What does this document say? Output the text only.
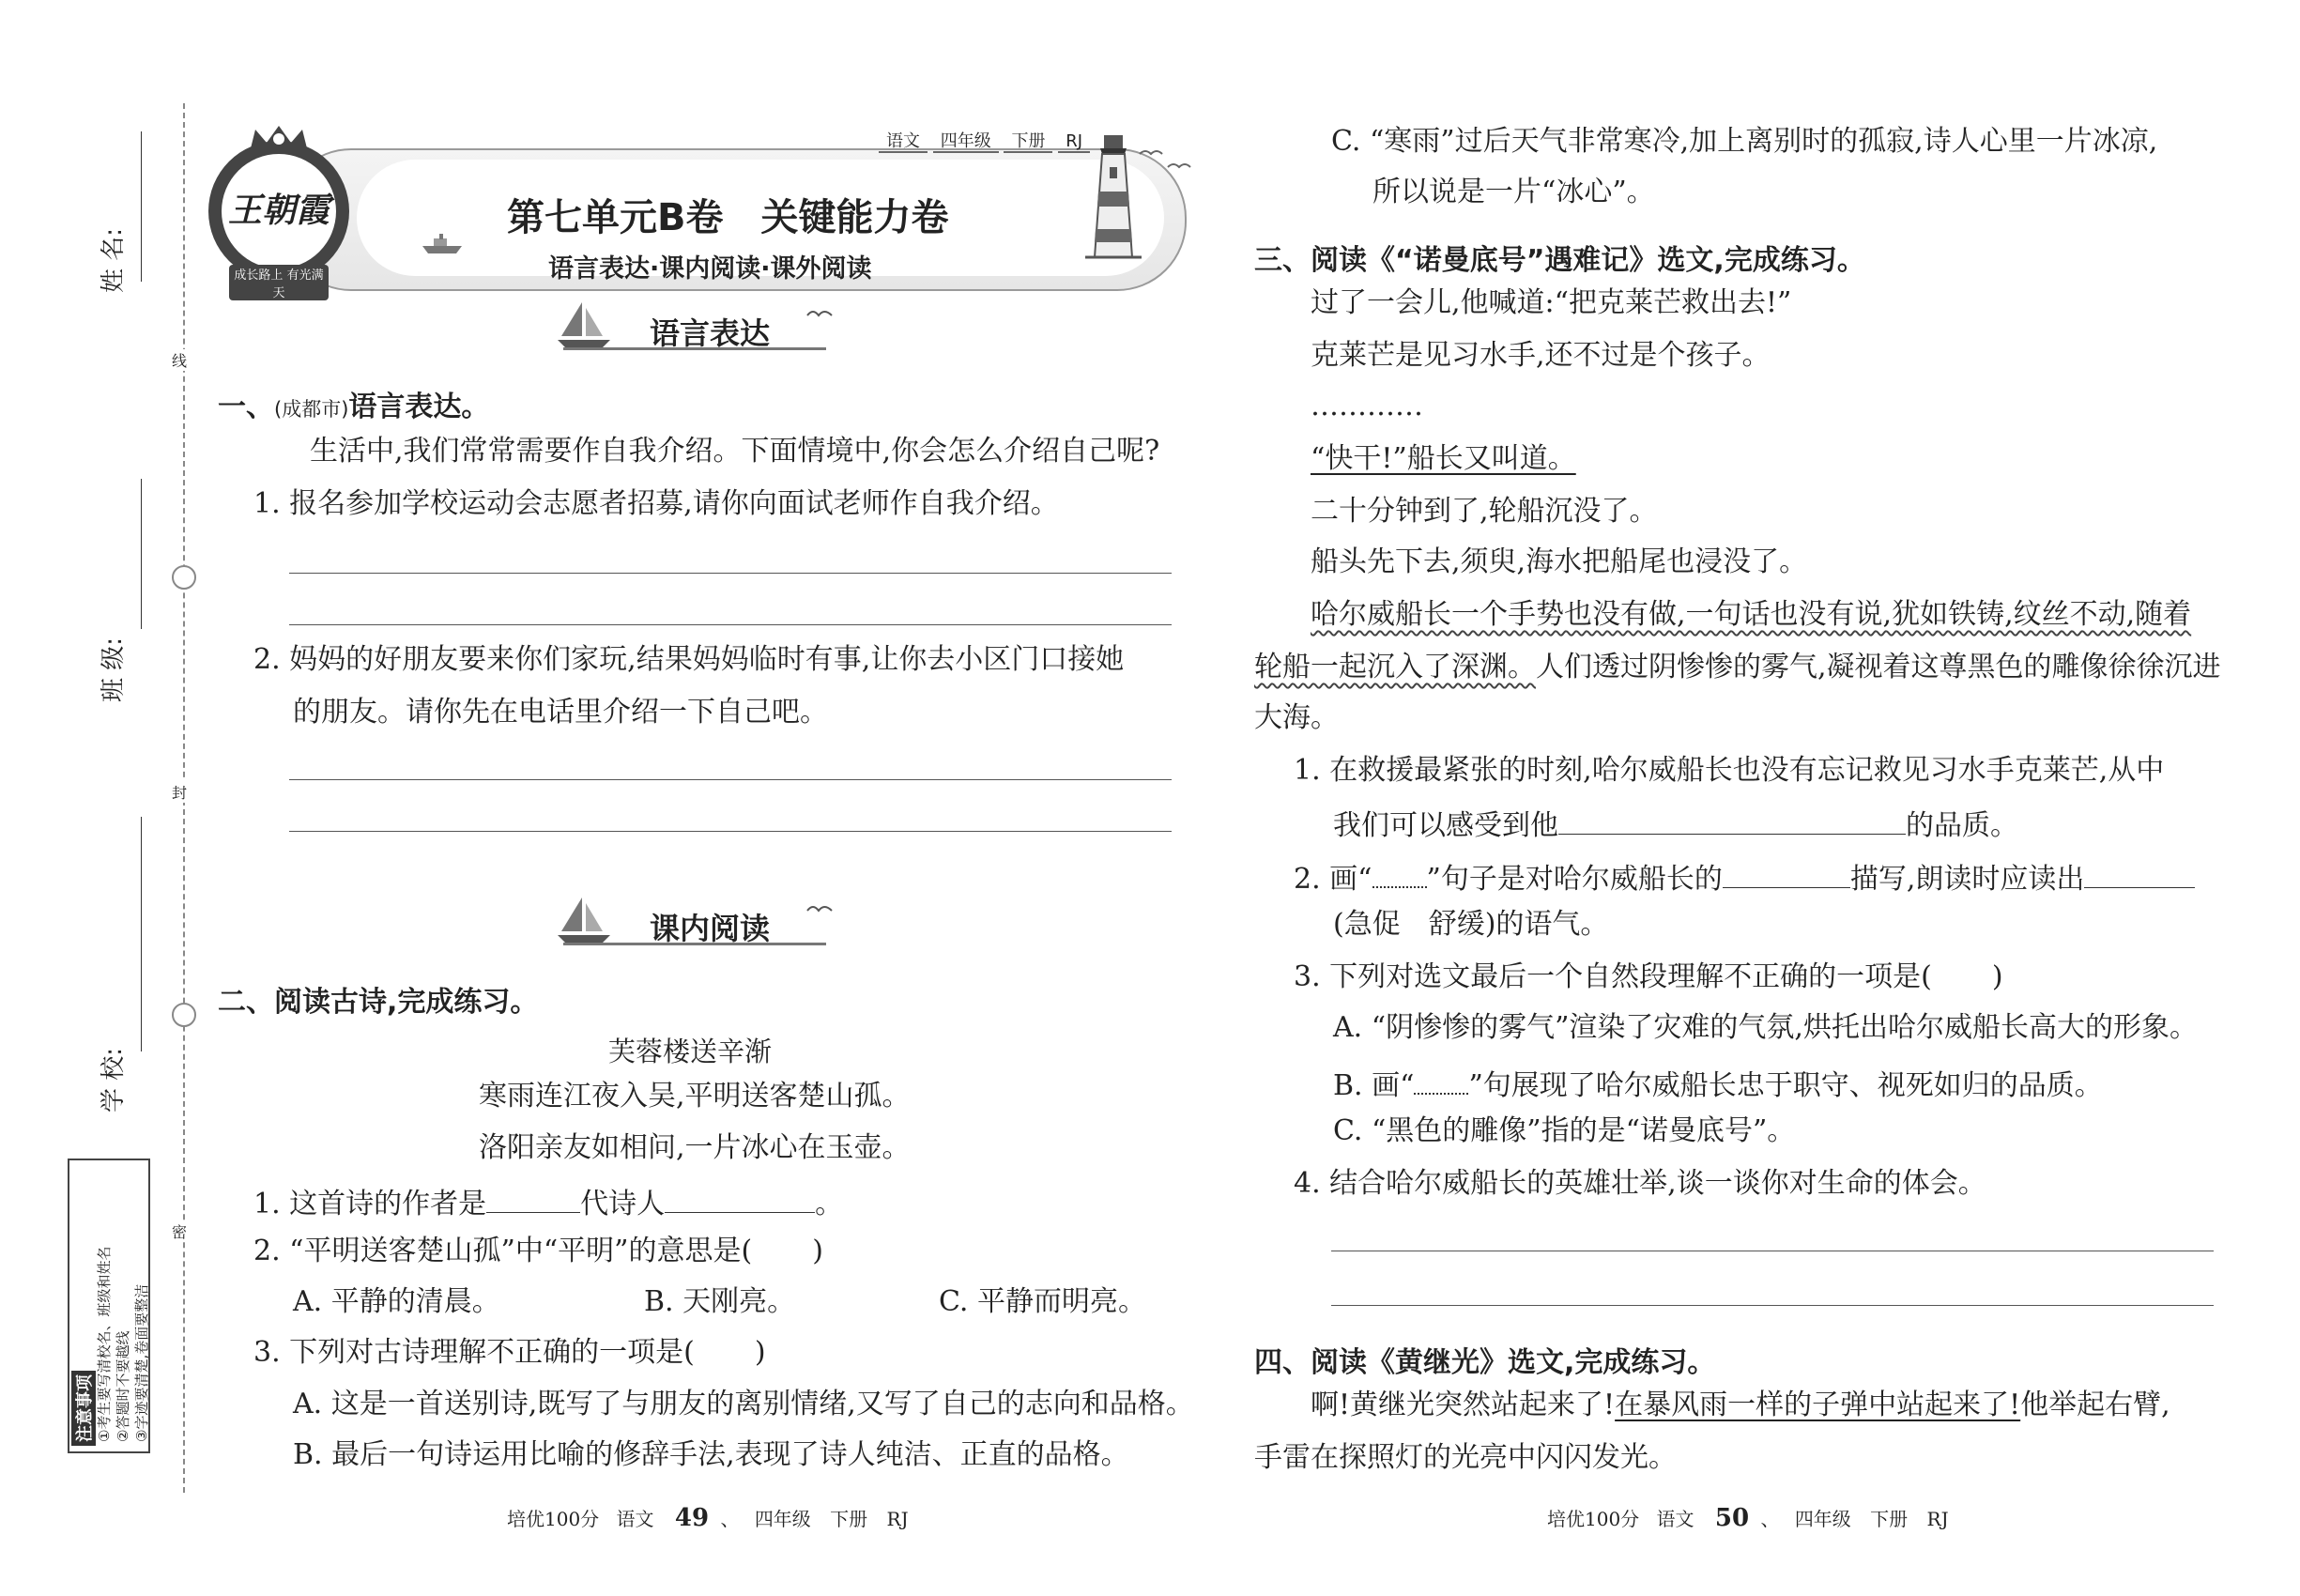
姓 名:
班 级:
学 校:
线
封
密
注意事项 ①考生要写清校名、班级和姓名 ②答题时不要越线 ③字迹要清楚,卷面要整洁
王朝霞
成长路上 有光满天
语文 四年级 下册 RJ
第七单元B卷　关键能力卷
语言表达·课内阅读·课外阅读
语言表达
一、(成都市)语言表达。
生活中,我们常常需要作自我介绍。下面情境中,你会怎么介绍自己呢?
1. 报名参加学校运动会志愿者招募,请你向面试老师作自我介绍。
2. 妈妈的好朋友要来你们家玩,结果妈妈临时有事,让你去小区门口接她
的朋友。请你先在电话里介绍一下自己吧。
课内阅读
二、阅读古诗,完成练习。
芙蓉楼送辛渐
寒雨连江夜入吴,平明送客楚山孤。
洛阳亲友如相问,一片冰心在玉壶。
1. 这首诗的作者是	代诗人	。
2. “平明送客楚山孤”中“平明”的意思是( )
A. 平静的清晨。	B. 天刚亮。	C. 平静而明亮。
3. 下列对古诗理解不正确的一项是( )
A. 这是一首送别诗,既写了与朋友的离别情绪,又写了自己的志向和品格。
B. 最后一句诗运用比喻的修辞手法,表现了诗人纯洁、正直的品格。
培优100分 语文 49 、 四年级 下册 RJ
C. “寒雨”过后天气非常寒冷,加上离别时的孤寂,诗人心里一片冰凉,
所以说是一片“冰心”。
三、阅读《“诺曼底号”遇难记》选文,完成练习。
过了一会儿,他喊道:“把克莱芒救出去!”
克莱芒是见习水手,还不过是个孩子。
…………
“快干!”船长又叫道。
二十分钟到了,轮船沉没了。
船头先下去,须臾,海水把船尾也浸没了。
哈尔威船长一个手势也没有做,一句话也没有说,犹如铁铸,纹丝不动,随着
轮船一起沉入了深渊。人们透过阴惨惨的雾气,凝视着这尊黑色的雕像徐徐沉进
大海。
1. 在救援最紧张的时刻,哈尔威船长也没有忘记救见习水手克莱芒,从中
我们可以感受到他	的品质。
2. 画“ ”句子是对哈尔威船长的	描写,朗读时应读出
(急促　舒缓)的语气。
3. 下列对选文最后一个自然段理解不正确的一项是( )
A. “阴惨惨的雾气”渲染了灾难的气氛,烘托出哈尔威船长高大的形象。
B. 画“ ”句展现了哈尔威船长忠于职守、视死如归的品质。
C. “黑色的雕像”指的是“诺曼底号”。
4. 结合哈尔威船长的英雄壮举,谈一谈你对生命的体会。
四、阅读《黄继光》选文,完成练习。
啊!黄继光突然站起来了!在暴风雨一样的子弹中站起来了!他举起右臂,
手雷在探照灯的光亮中闪闪发光。
培优100分 语文 50 、 四年级 下册 RJ
